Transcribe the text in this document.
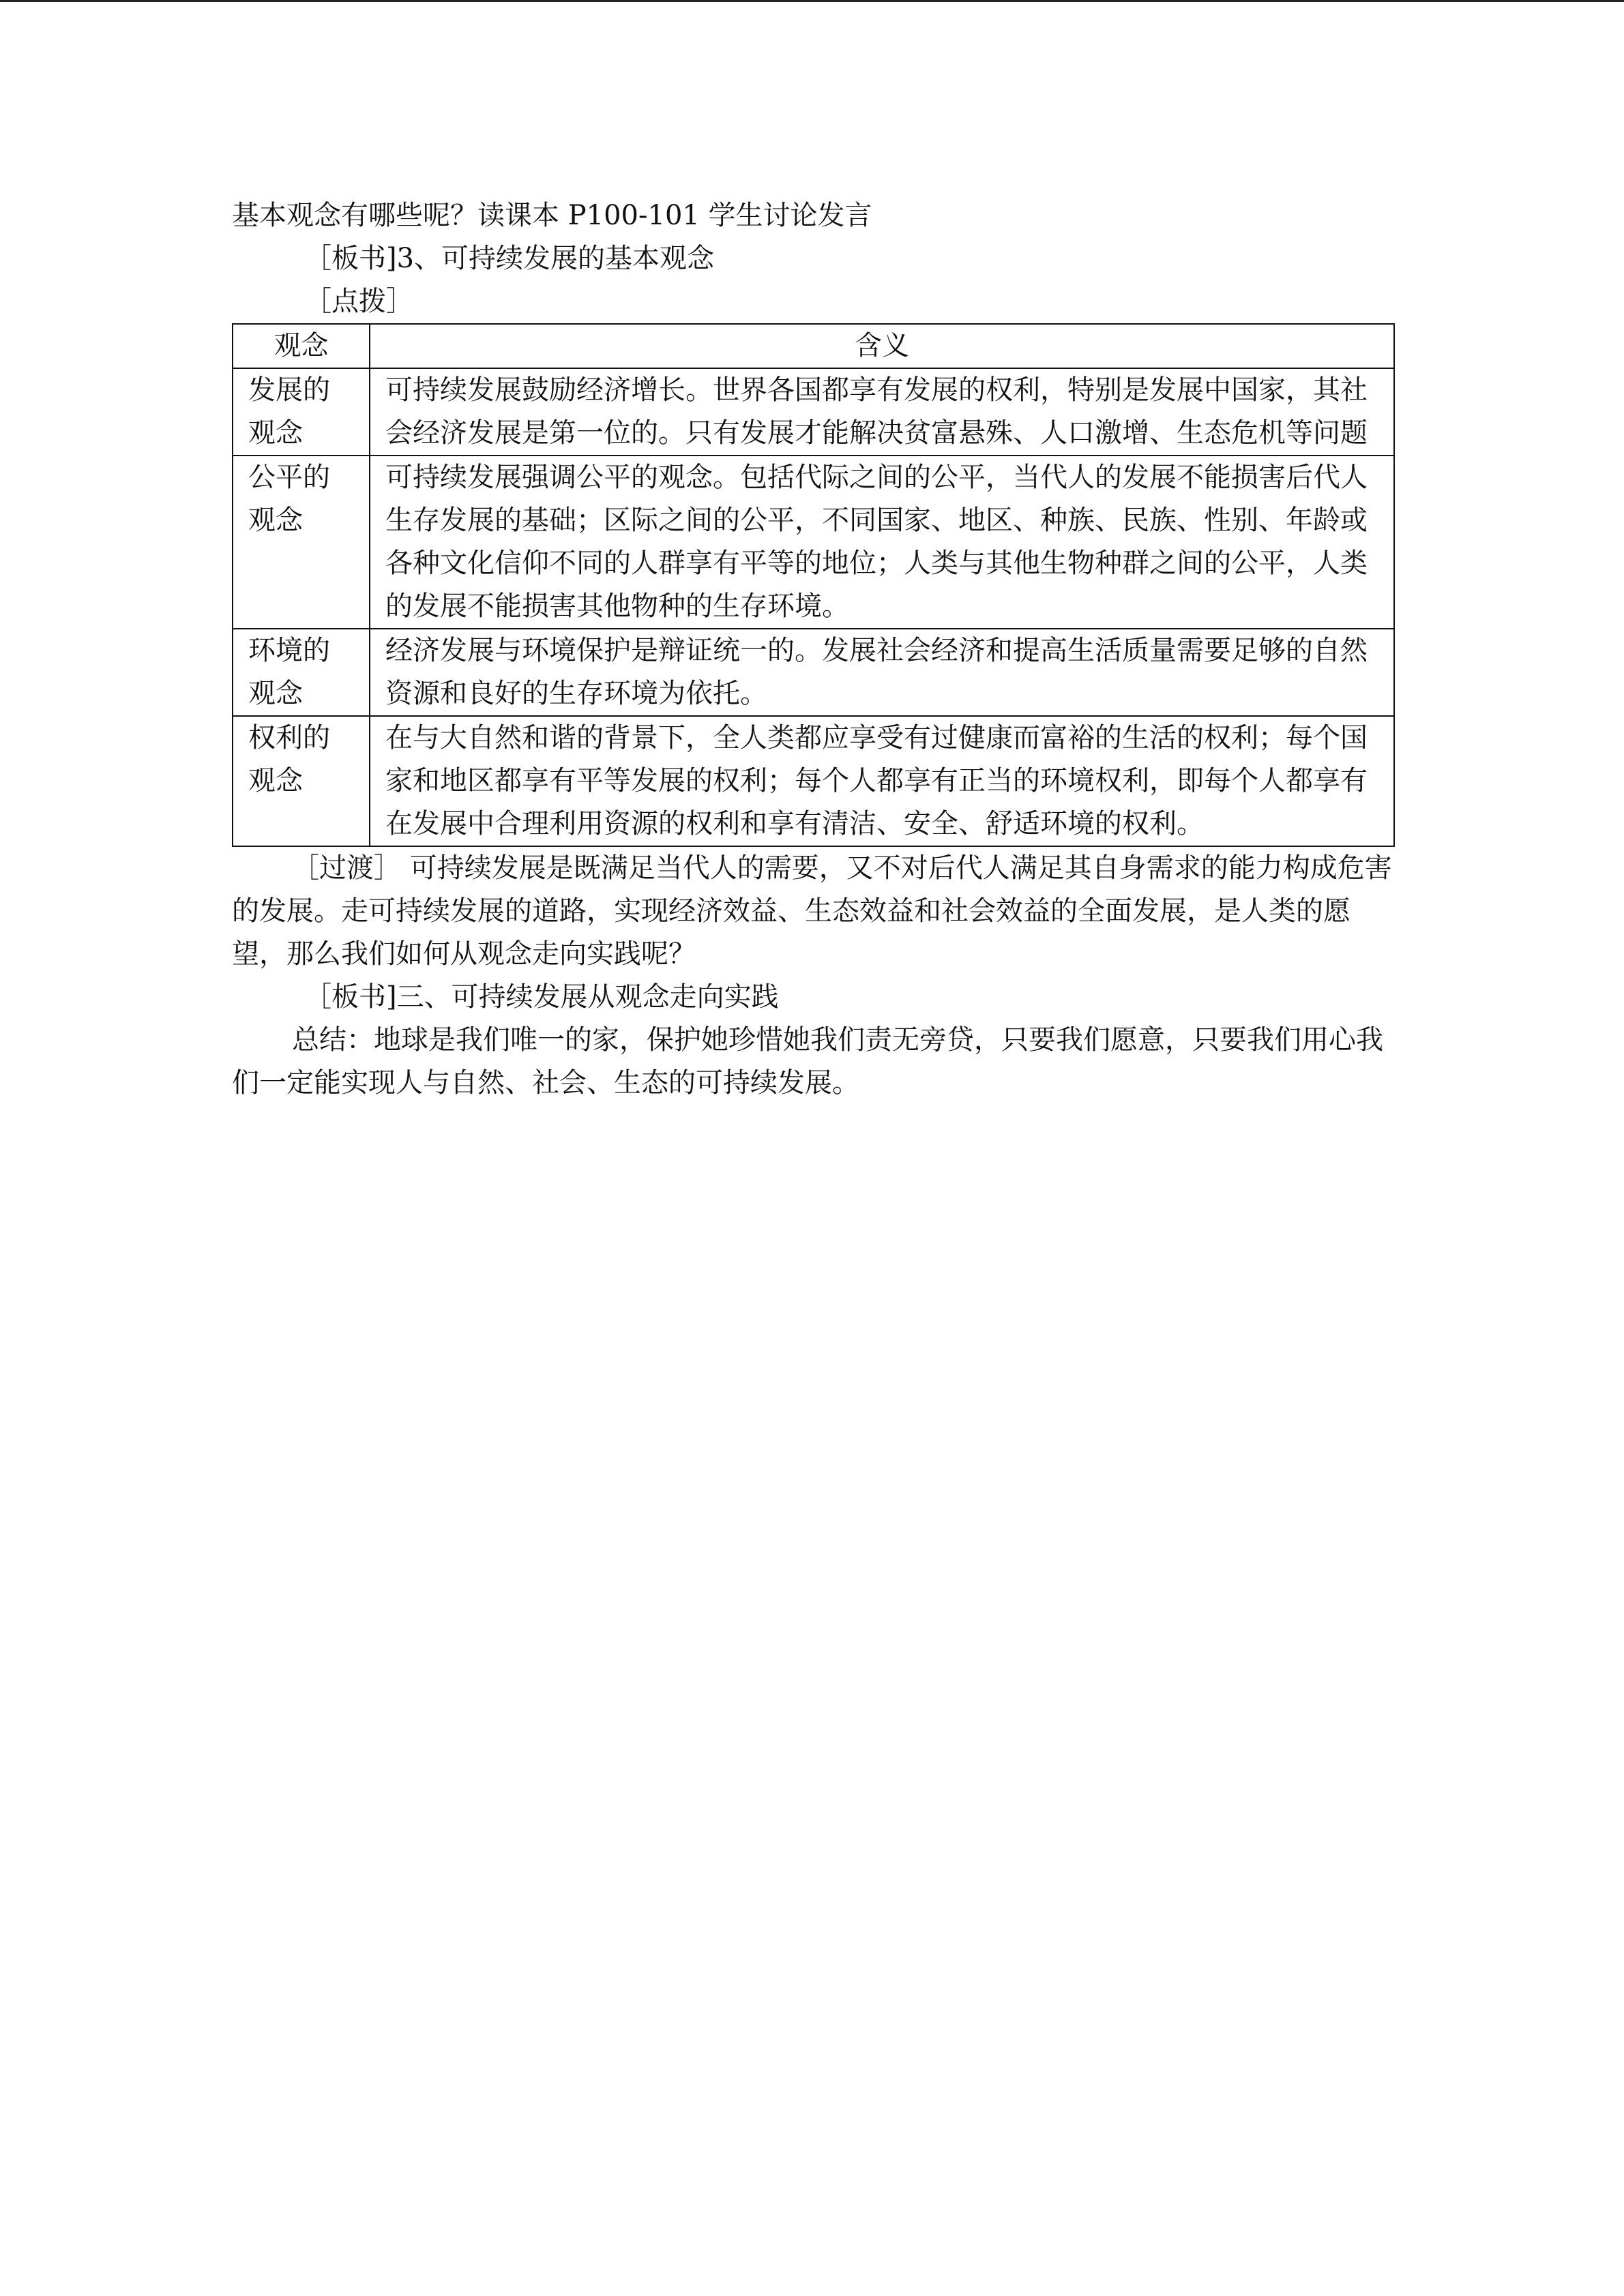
基本观念有哪些呢？读课本 P100-101 学生讨论发言

［板书]3、可持续发展的基本观念

［点拨］

观念	含义
发展的观念	可持续发展鼓励经济增长。世界各国都享有发展的权利，特别是发展中国家，其社会经济发展是第一位的。只有发展才能解决贫富悬殊、人口激增、生态危机等问题
公平的观念	可持续发展强调公平的观念。包括代际之间的公平，当代人的发展不能损害后代人生存发展的基础；区际之间的公平，不同国家、地区、种族、民族、性别、年龄或各种文化信仰不同的人群享有平等的地位；人类与其他生物种群之间的公平，人类的发展不能损害其他物种的生存环境。
环境的观念	经济发展与环境保护是辩证统一的。发展社会经济和提高生活质量需要足够的自然资源和良好的生存环境为依托。
权利的观念	在与大自然和谐的背景下，全人类都应享受有过健康而富裕的生活的权利；每个国家和地区都享有平等发展的权利；每个人都享有正当的环境权利，即每个人都享有在发展中合理利用资源的权利和享有清洁、安全、舒适环境的权利。

［过渡］ 可持续发展是既满足当代人的需要，又不对后代人满足其自身需求的能力构成危害的发展。走可持续发展的道路，实现经济效益、生态效益和社会效益的全面发展，是人类的愿望，那么我们如何从观念走向实践呢？

［板书]三、可持续发展从观念走向实践

总结：地球是我们唯一的家，保护她珍惜她我们责无旁贷，只要我们愿意，只要我们用心我们一定能实现人与自然、社会、生态的可持续发展。
